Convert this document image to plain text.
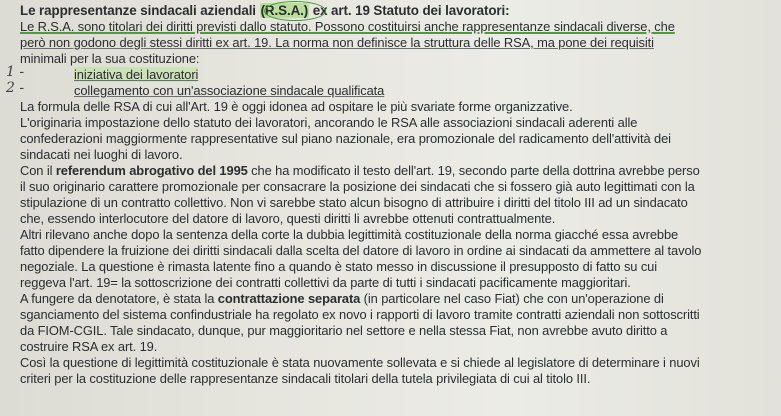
Le rappresentanze sindacali aziendali (R.S.A.) ex art. 19 Statuto dei lavoratori:
Le R.S.A. sono titolari dei diritti previsti dallo statuto. Possono costituirsi anche rappresentanze sindacali diverse, che
però non godono degli stessi diritti ex art. 19. La norma non definisce la struttura delle RSA, ma pone dei requisiti
minimali per la sua costituzione:
1 -	iniziativa dei lavoratori
2 -	collegamento con un'associazione sindacale qualificata
La formula delle RSA di cui all'Art. 19 è oggi idonea ad ospitare le più svariate forme organizzative.
L'originaria impostazione dello statuto dei lavoratori, ancorando le RSA alle associazioni sindacali aderenti alle
confederazioni maggiormente rappresentative sul piano nazionale, era promozionale del radicamento dell'attività dei
sindacati nei luoghi di lavoro.
Con il referendum abrogativo del 1995 che ha modificato il testo dell'art. 19, secondo parte della dottrina avrebbe perso
il suo originario carattere promozionale per consacrare la posizione dei sindacati che si fossero già auto legittimati con la
stipulazione di un contratto collettivo. Non vi sarebbe stato alcun bisogno di attribuire i diritti del titolo III ad un sindacato
che, essendo interlocutore del datore di lavoro, questi diritti li avrebbe ottenuti contrattualmente.
Altri rilevano anche dopo la sentenza della corte la dubbia legittimità costituzionale della norma giacché essa avrebbe
fatto dipendere la fruizione dei diritti sindacali dalla scelta del datore di lavoro in ordine ai sindacati da ammettere al tavolo
negoziale. La questione è rimasta latente fino a quando è stato messo in discussione il presupposto di fatto su cui
reggeva l'art. 19= la sottoscrizione dei contratti collettivi da parte di tutti i sindacati pacificamente maggioritari.
A fungere da denotatore, è stata la contrattazione separata (in particolare nel caso Fiat) che con un'operazione di
sganciamento del sistema confindustriale ha regolato ex novo i rapporti di lavoro tramite contratti aziendali non sottoscritti
da FIOM-CGIL. Tale sindacato, dunque, pur maggioritario nel settore e nella stessa Fiat, non avrebbe avuto diritto a
costruire RSA ex art. 19.
Così la questione di legittimità costituzionale è stata nuovamente sollevata e si chiede al legislatore di determinare i nuovi
criteri per la costituzione delle rappresentanze sindacali titolari della tutela privilegiata di cui al titolo III.
